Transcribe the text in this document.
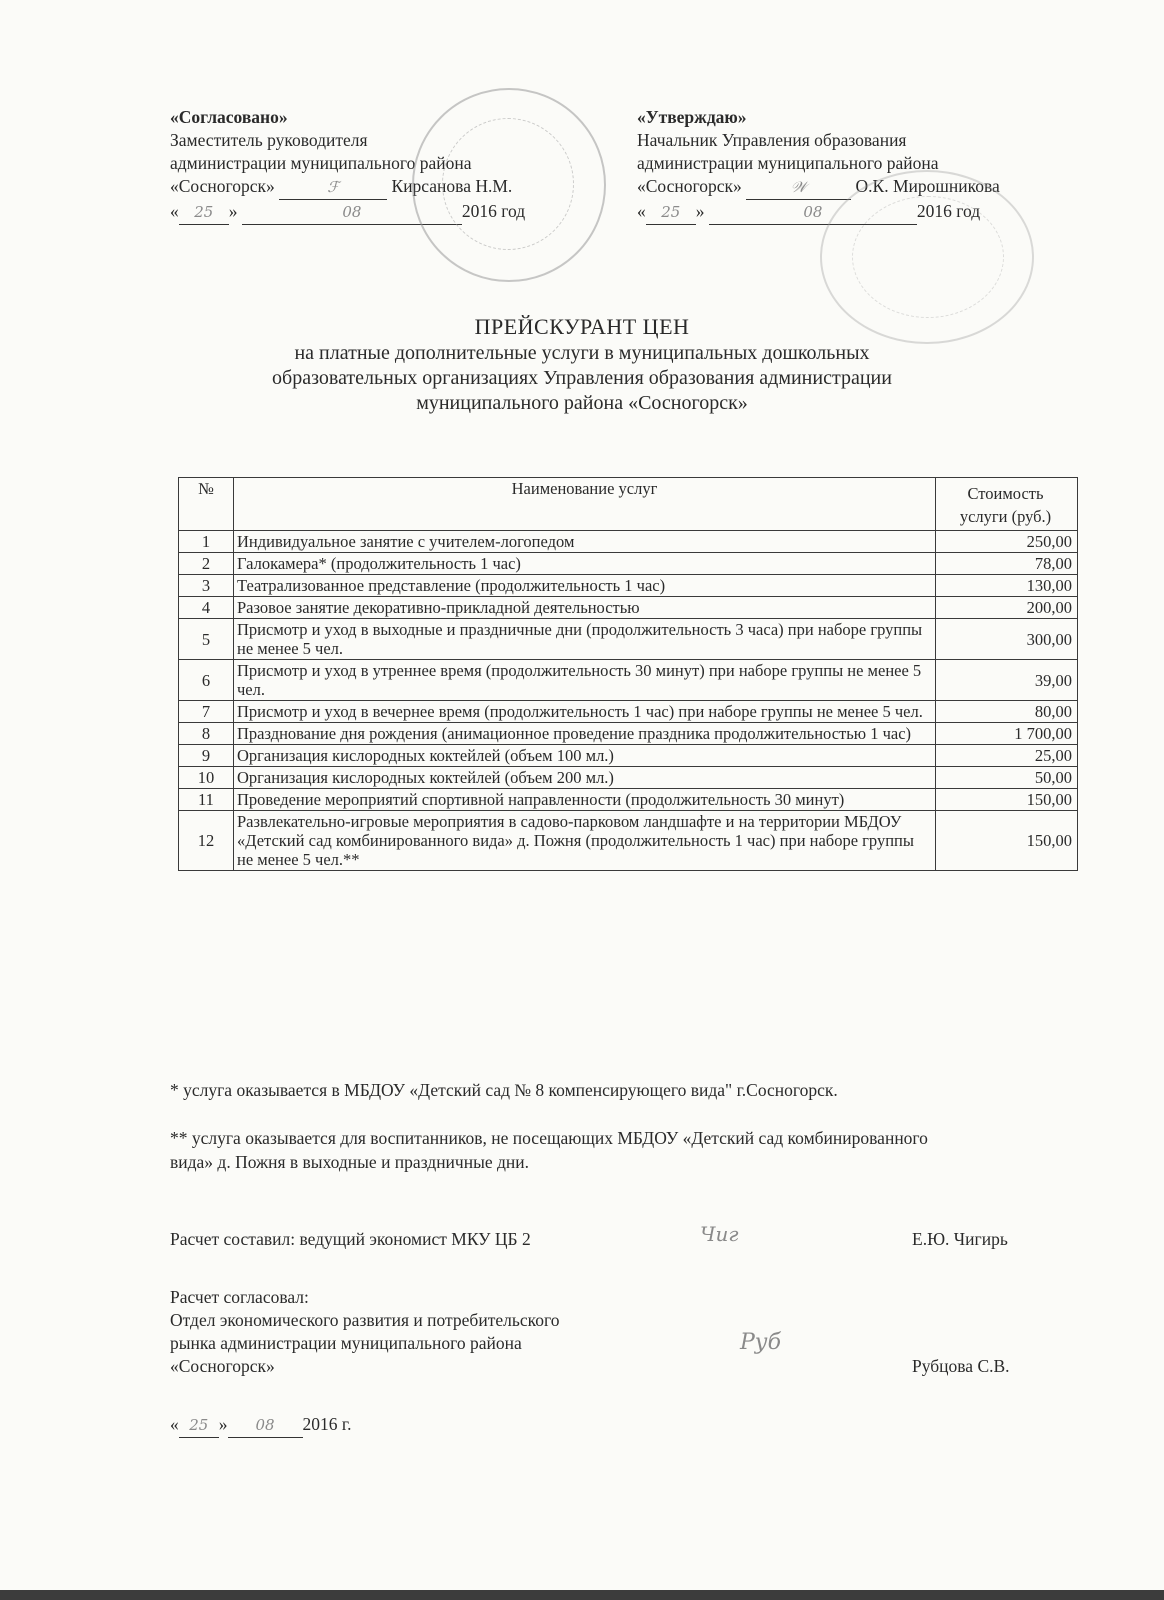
«Согласовано»
Заместитель руководителя
администрации муниципального района
«Сосногорск»	ℱ	Кирсанова Н.М.
« 25 »	08	2016 год
«Утверждаю»
Начальник Управления образования
администрации муниципального района
«Сосногорск»	𝒲	О.К. Мирошникова
« 25 »	08	2016 год
ПРЕЙСКУРАНТ ЦЕН
на платные дополнительные услуги в муниципальных дошкольных
образовательных организациях Управления образования администрации
муниципального района «Сосногорск»
№	Наименование услуг	Стоимость
услуги (руб.)

1	Индивидуальное занятие с учителем-логопедом	250,00
2	Галокамера* (продолжительность 1 час)	78,00
3	Театрализованное представление (продолжительность 1 час)	130,00
4	Разовое занятие декоративно-прикладной деятельностью	200,00
5	Присмотр и уход в выходные и праздничные дни (продолжительность 3 часа) при наборе группы не менее 5 чел.	300,00
6	Присмотр и уход в утреннее время (продолжительность 30 минут) при наборе группы не менее 5 чел.	39,00
7	Присмотр и уход в вечернее время (продолжительность 1 час) при наборе группы не менее 5 чел.	80,00
8	Празднование дня рождения (анимационное проведение праздника продолжительностью 1 час)	1 700,00
9	Организация кислородных коктейлей (объем 100 мл.)	25,00
10	Организация кислородных коктейлей (объем 200 мл.)	50,00
11	Проведение мероприятий спортивной направленности (продолжительность 30 минут)	150,00
12	Развлекательно-игровые мероприятия в садово-парковом ландшафте и на территории МБДОУ «Детский сад комбинированного вида» д. Пожня (продолжительность 1 час) при наборе группы не менее 5 чел.**	150,00
* услуга оказывается в МБДОУ «Детский сад № 8 компенсирующего вида" г.Сосногорск.
** услуга оказывается для воспитанников, не посещающих МБДОУ «Детский сад комбинированного вида» д. Пожня в выходные и праздничные дни.
Расчет составил: ведущий экономист МКУ ЦБ 2	Чиг	Е.Ю. Чигирь
Расчет согласовал:
Отдел экономического развития и потребительского
рынка администрации муниципального района
«Сосногорск»
Руб
Рубцова С.В.
« 25 » 08 2016 г.
